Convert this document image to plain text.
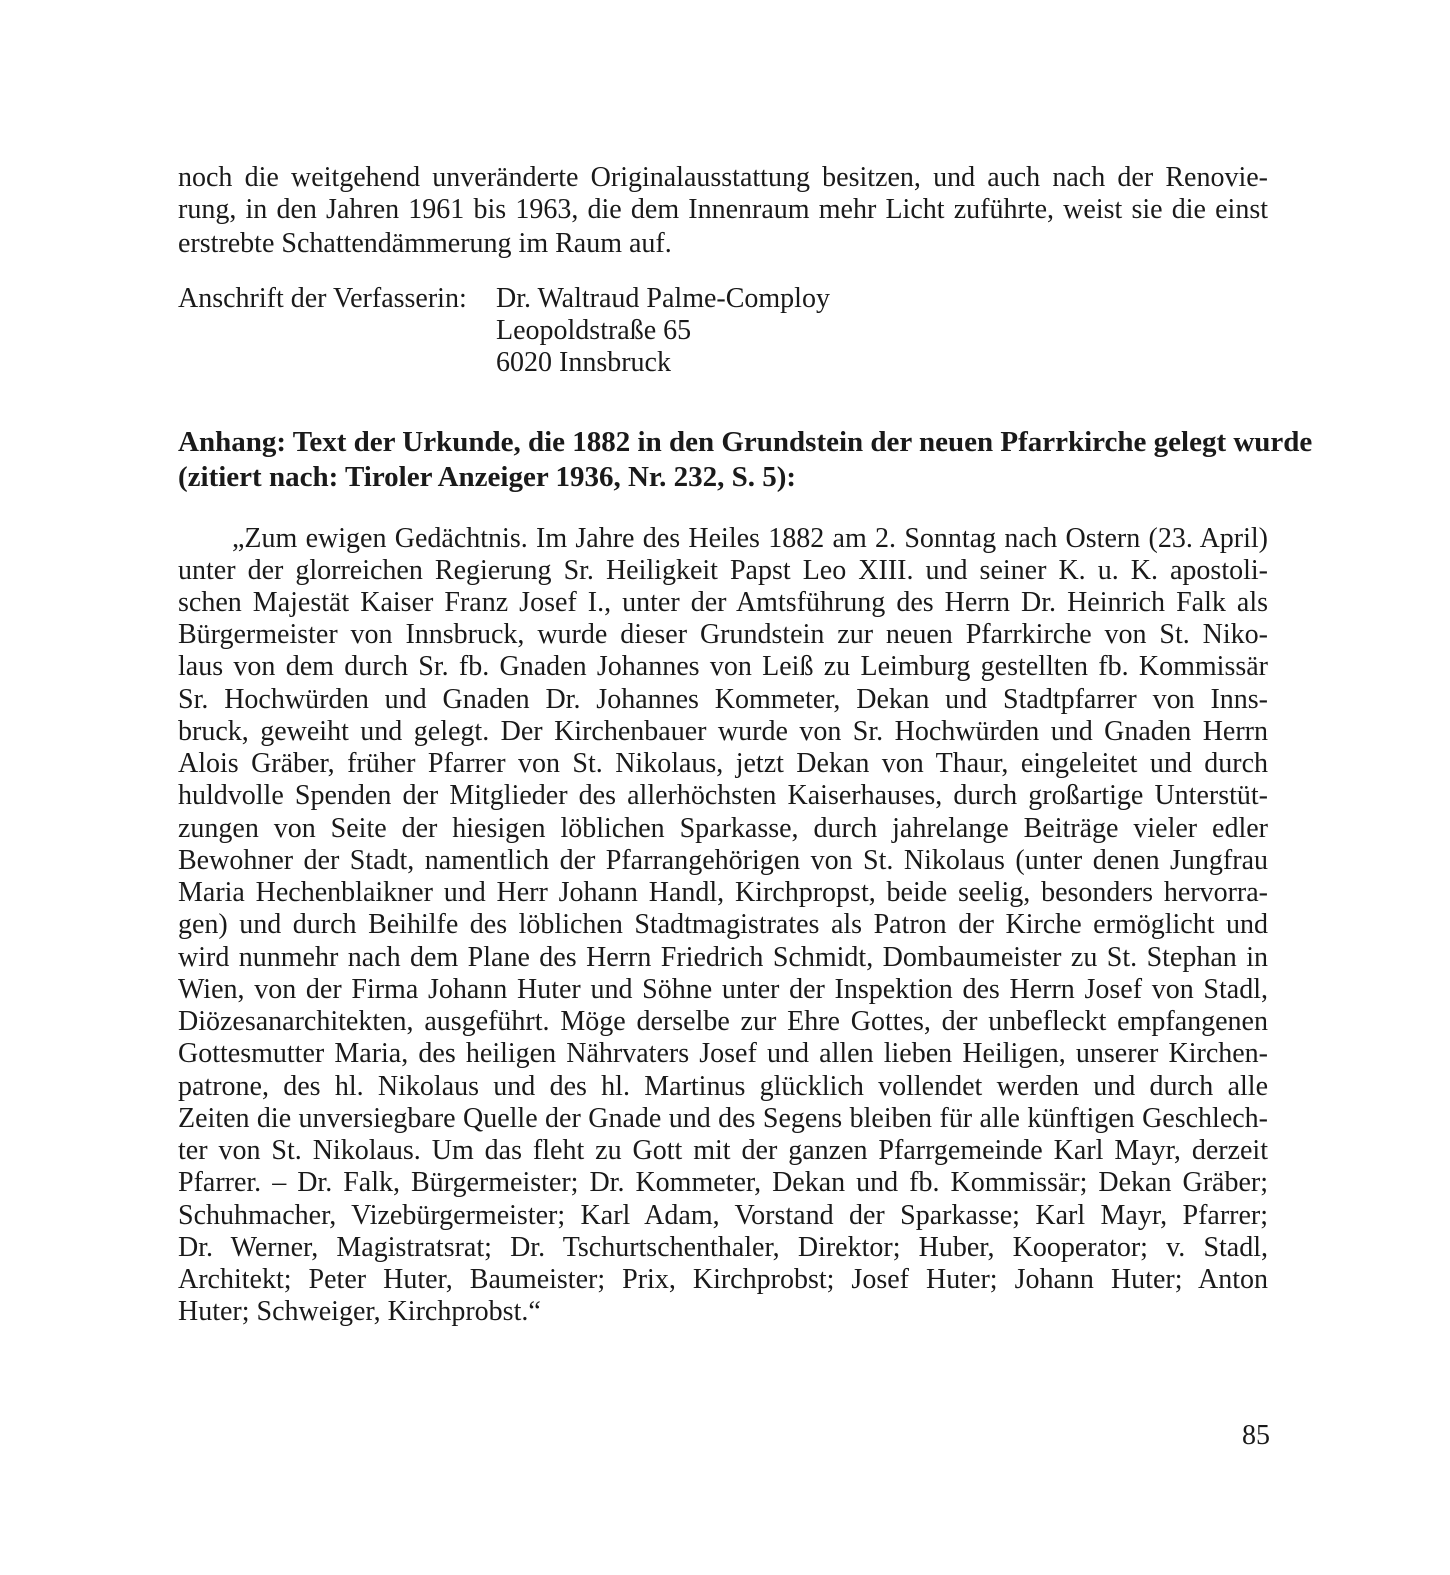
noch die weitgehend unveränderte Originalausstattung besitzen, und auch nach der Renovie-
rung, in den Jahren 1961 bis 1963, die dem Innenraum mehr Licht zuführte, weist sie die einst
erstrebte Schattendämmerung im Raum auf.
Anschrift der Verfasserin: Dr. Waltraud Palme-Comploy
Leopoldstraße 65
6020 Innsbruck
Anhang: Text der Urkunde, die 1882 in den Grundstein der neuen Pfarrkirche gelegt wurde
(zitiert nach: Tiroler Anzeiger 1936, Nr. 232, S. 5):
„Zum ewigen Gedächtnis. Im Jahre des Heiles 1882 am 2. Sonntag nach Ostern (23. April)
unter der glorreichen Regierung Sr. Heiligkeit Papst Leo XIII. und seiner K. u. K. apostoli-
schen Majestät Kaiser Franz Josef I., unter der Amtsführung des Herrn Dr. Heinrich Falk als
Bürgermeister von Innsbruck, wurde dieser Grundstein zur neuen Pfarrkirche von St. Niko-
laus von dem durch Sr. fb. Gnaden Johannes von Leiß zu Leimburg gestellten fb. Kommissär
Sr. Hochwürden und Gnaden Dr. Johannes Kommeter, Dekan und Stadtpfarrer von Inns-
bruck, geweiht und gelegt. Der Kirchenbauer wurde von Sr. Hochwürden und Gnaden Herrn
Alois Gräber, früher Pfarrer von St. Nikolaus, jetzt Dekan von Thaur, eingeleitet und durch
huldvolle Spenden der Mitglieder des allerhöchsten Kaiserhauses, durch großartige Unterstüt-
zungen von Seite der hiesigen löblichen Sparkasse, durch jahrelange Beiträge vieler edler
Bewohner der Stadt, namentlich der Pfarrangehörigen von St. Nikolaus (unter denen Jungfrau
Maria Hechenblaikner und Herr Johann Handl, Kirchpropst, beide seelig, besonders hervorra-
gen) und durch Beihilfe des löblichen Stadtmagistrates als Patron der Kirche ermöglicht und
wird nunmehr nach dem Plane des Herrn Friedrich Schmidt, Dombaumeister zu St. Stephan in
Wien, von der Firma Johann Huter und Söhne unter der Inspektion des Herrn Josef von Stadl,
Diözesanarchitekten, ausgeführt. Möge derselbe zur Ehre Gottes, der unbefleckt empfangenen
Gottesmutter Maria, des heiligen Nährvaters Josef und allen lieben Heiligen, unserer Kirchen-
patrone, des hl. Nikolaus und des hl. Martinus glücklich vollendet werden und durch alle
Zeiten die unversiegbare Quelle der Gnade und des Segens bleiben für alle künftigen Geschlech-
ter von St. Nikolaus. Um das fleht zu Gott mit der ganzen Pfarrgemeinde Karl Mayr, derzeit
Pfarrer. – Dr. Falk, Bürgermeister; Dr. Kommeter, Dekan und fb. Kommissär; Dekan Gräber;
Schuhmacher, Vizebürgermeister; Karl Adam, Vorstand der Sparkasse; Karl Mayr, Pfarrer;
Dr. Werner, Magistratsrat; Dr. Tschurtschenthaler, Direktor; Huber, Kooperator; v. Stadl,
Architekt; Peter Huter, Baumeister; Prix, Kirchprobst; Josef Huter; Johann Huter; Anton
Huter; Schweiger, Kirchprobst.“
85
